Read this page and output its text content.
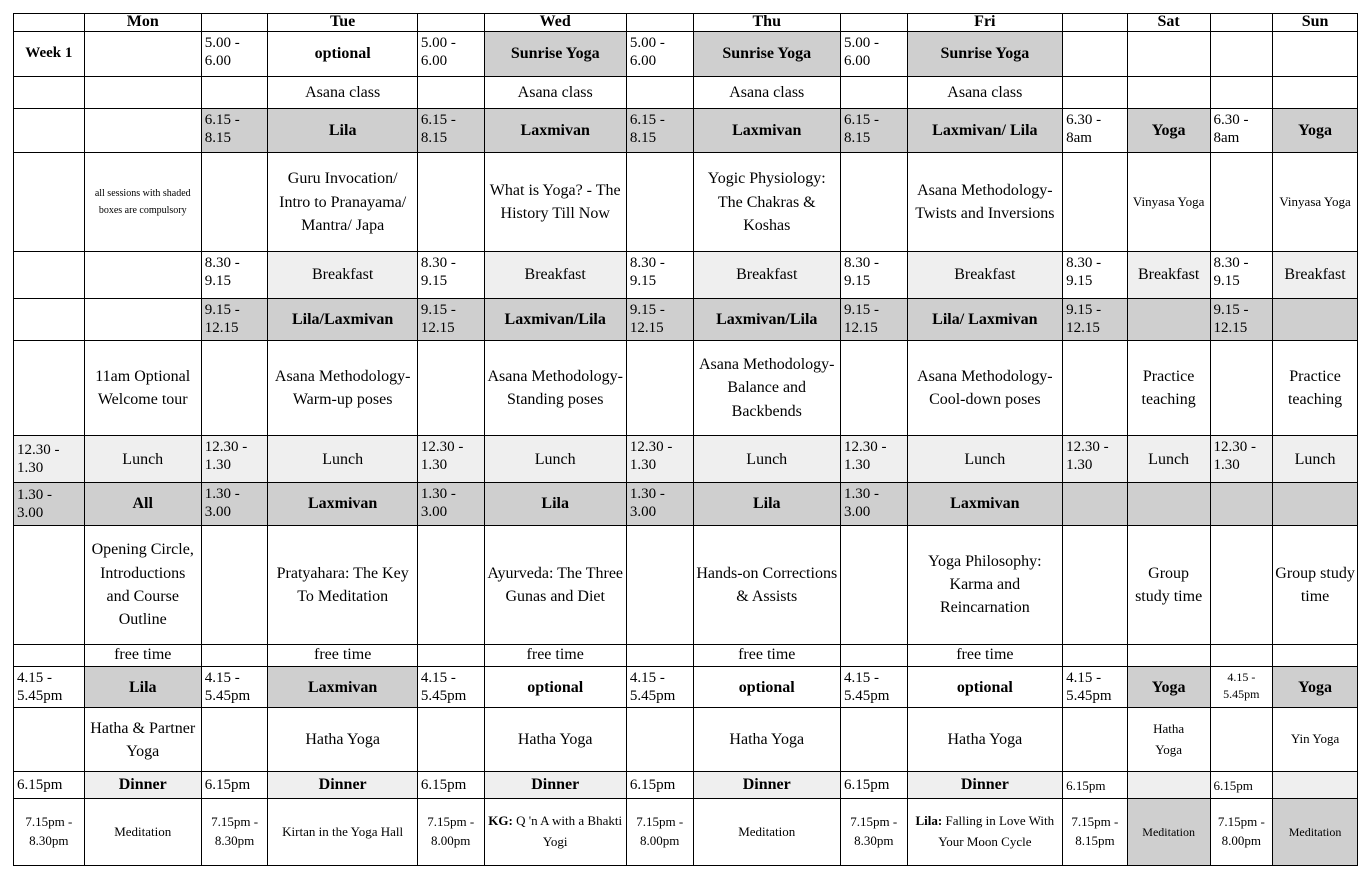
	Mon		Tue		Wed		Thu		Fri		Sat		Sun
Week 1		5.00 - 6.00	optional	5.00 - 6.00	Sunrise Yoga	5.00 - 6.00	Sunrise Yoga	5.00 - 6.00	Sunrise Yoga				
			Asana class		Asana class		Asana class		Asana class				
		6.15 - 8.15	Lila	6.15 - 8.15	Laxmivan	6.15 - 8.15	Laxmivan	6.15 - 8.15	Laxmivan/ Lila	6.30 - 8am	Yoga	6.30 - 8am	Yoga
	all sessions with shaded boxes are compulsory		Guru Invocation/ Intro to Pranayama/ Mantra/ Japa		What is Yoga? - The History Till Now		Yogic Physiology: The Chakras & Koshas		Asana Methodology- Twists and Inversions		Vinyasa Yoga		Vinyasa Yoga
		8.30 - 9.15	Breakfast	8.30 - 9.15	Breakfast	8.30 - 9.15	Breakfast	8.30 - 9.15	Breakfast	8.30 - 9.15	Breakfast	8.30 - 9.15	Breakfast
		9.15 - 12.15	Lila/Laxmivan	9.15 - 12.15	Laxmivan/Lila	9.15 - 12.15	Laxmivan/Lila	9.15 - 12.15	Lila/ Laxmivan	9.15 - 12.15		9.15 - 12.15	
	11am Optional Welcome tour		Asana Methodology- Warm-up poses		Asana Methodology- Standing poses		Asana Methodology- Balance and Backbends		Asana Methodology- Cool-down poses		Practice teaching		Practice teaching
12.30 - 1.30	Lunch	12.30 - 1.30	Lunch	12.30 - 1.30	Lunch	12.30 - 1.30	Lunch	12.30 - 1.30	Lunch	12.30 - 1.30	Lunch	12.30 - 1.30	Lunch
1.30 - 3.00	All	1.30 - 3.00	Laxmivan	1.30 - 3.00	Lila	1.30 - 3.00	Lila	1.30 - 3.00	Laxmivan				
	Opening Circle, Introductions and Course Outline		Pratyahara: The Key To Meditation		Ayurveda: The Three Gunas and Diet		Hands-on Corrections & Assists		Yoga Philosophy: Karma and Reincarnation		Group study time		Group study time
	free time		free time		free time		free time		free time				
4.15 - 5.45pm	Lila	4.15 - 5.45pm	Laxmivan	4.15 - 5.45pm	optional	4.15 - 5.45pm	optional	4.15 - 5.45pm	optional	4.15 - 5.45pm	Yoga	4.15 - 5.45pm	Yoga
	Hatha & Partner Yoga		Hatha Yoga		Hatha Yoga		Hatha Yoga		Hatha Yoga		Hatha Yoga		Yin Yoga
6.15pm	Dinner	6.15pm	Dinner	6.15pm	Dinner	6.15pm	Dinner	6.15pm	Dinner	6.15pm		6.15pm	
7.15pm - 8.30pm	Meditation	7.15pm - 8.30pm	Kirtan in the Yoga Hall	7.15pm - 8.00pm	KG: Q 'n A with a Bhakti Yogi	7.15pm - 8.00pm	Meditation	7.15pm - 8.30pm	Lila: Falling in Love With Your Moon Cycle	7.15pm - 8.15pm	Meditation	7.15pm - 8.00pm	Meditation
